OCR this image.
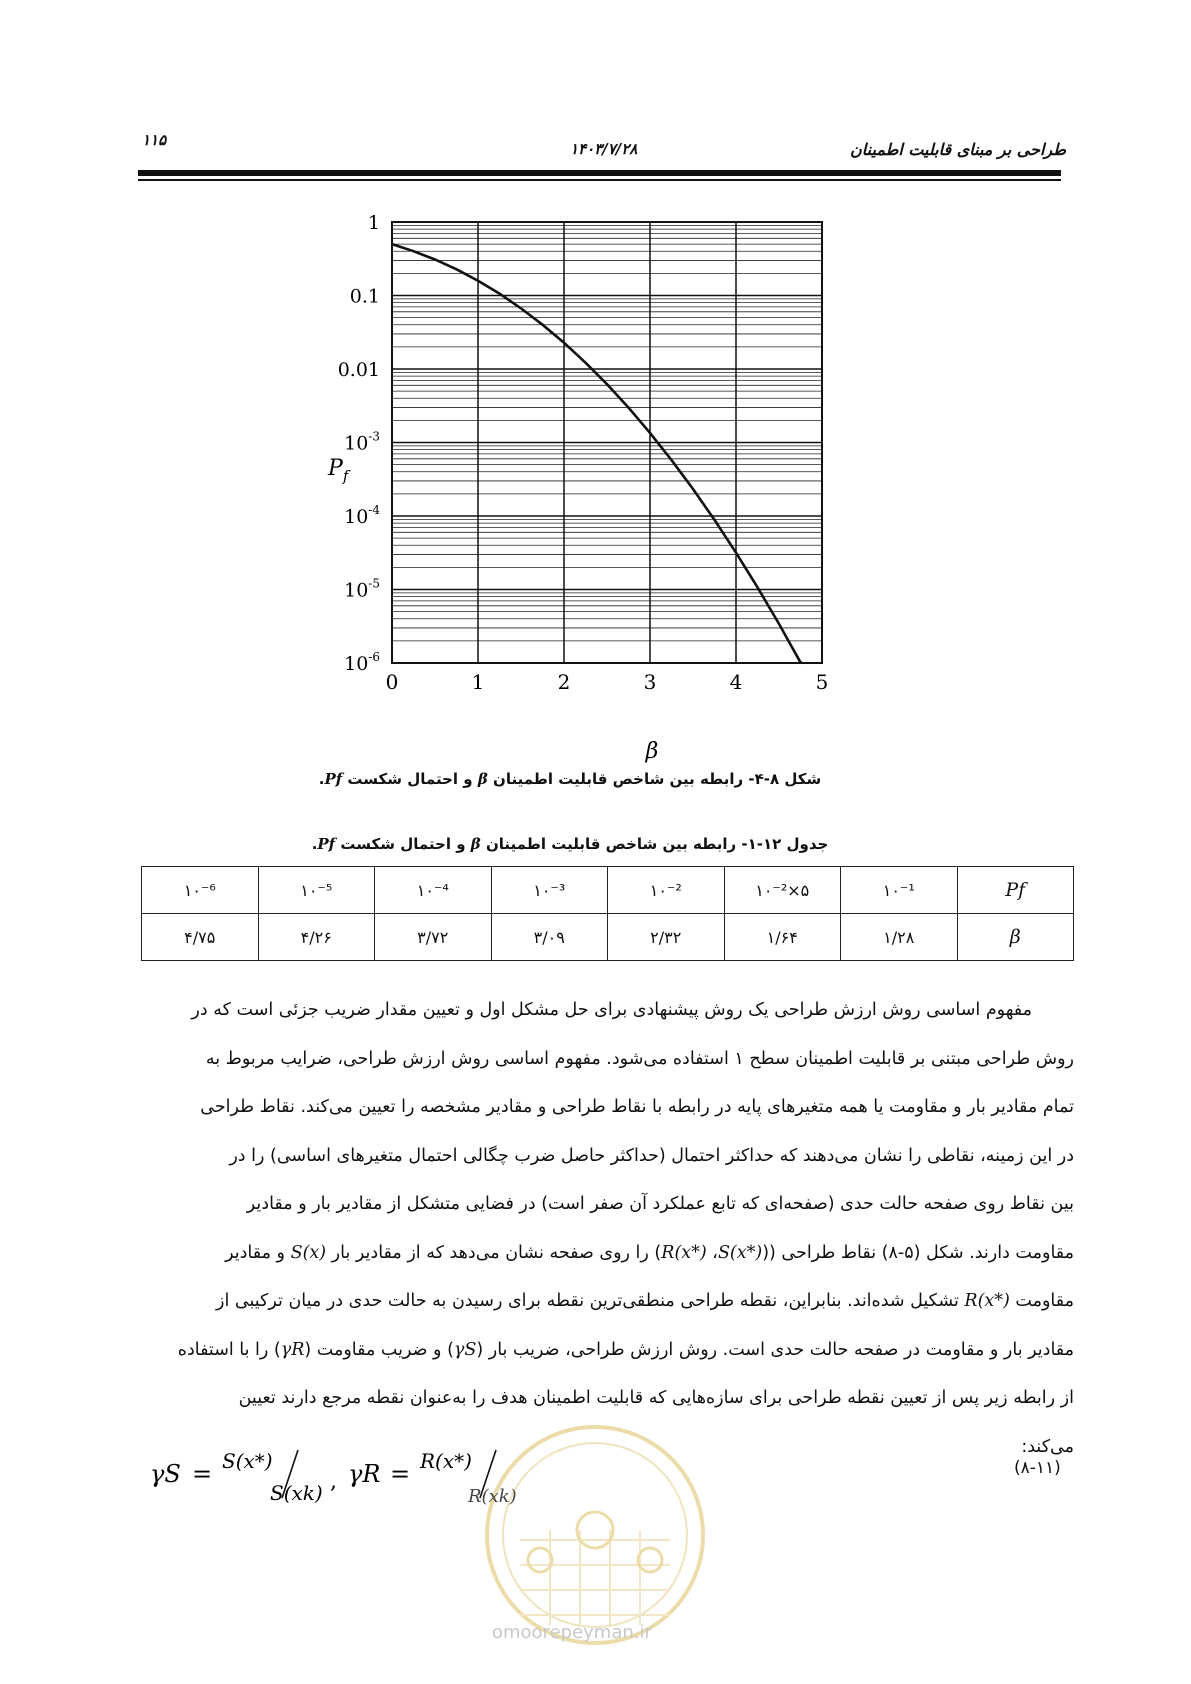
۱۱۵	۱۴۰۳/۷/۲۸	طراحی بر مبنای قابلیت اطمینان
0	1	2	3	4	5
1
0.1
0.01
$10^{-3}$
$10^{-4}$
$10^{-5}$
$10^{-6}$
$P_f$
β
شکل ۸-۴- رابطه بین شاخص قابلیت اطمینان β و احتمال شکست Pf.
جدول ۱۲-۱- رابطه بین شاخص قابلیت اطمینان β و احتمال شکست Pf.
Pf	۱۰⁻¹	۵×۱۰⁻²	۱۰⁻²	۱۰⁻³	۱۰⁻⁴	۱۰⁻⁵	۱۰⁻⁶
β	۱/۲۸	۱/۶۴	۲/۳۲	۳/۰۹	۳/۷۲	۴/۲۶	۴/۷۵
مفهوم اساسی روش ارزش طراحی یک روش پیشنهادی برای حل مشکل اول و تعیین مقدار ضریب جزئی است که در
روش طراحی مبتنی بر قابلیت اطمینان سطح ۱ استفاده می‌شود. مفهوم اساسی روش ارزش طراحی، ضرایب مربوط به
تمام مقادیر بار و مقاومت یا همه متغیرهای پایه در رابطه با نقاط طراحی و مقادیر مشخصه را تعیین می‌کند. نقاط طراحی
در این زمینه، نقاطی را نشان می‌دهند که حداکثر احتمال (حداکثر حاصل ضرب چگالی احتمال متغیرهای اساسی) را در
بین نقاط روی صفحه حالت حدی (صفحه‌ای که تابع عملکرد آن صفر است) در فضایی متشکل از مقادیر بار و مقادیر
مقاومت دارند. شکل (۵-۸) نقاط طراحی ((S(x*)، R(x*)) را روی صفحه نشان می‌دهد که از مقادیر بار S(x) و مقادیر
مقاومت R(x*) تشکیل شده‌اند. بنابراین، نقطه طراحی منطقی‌ترین نقطه برای رسیدن به حالت حدی در میان ترکیبی از
مقادیر بار و مقاومت در صفحه حالت حدی است. روش ارزش طراحی، ضریب بار (γS) و ضریب مقاومت (γR) را با استفاده
از رابطه زیر پس از تعیین نقطه طراحی برای سازه‌هایی که قابلیت اطمینان هدف را به‌عنوان نقطه مرجع دارند تعیین
می‌کند:
omoorepeyman.ir
γS = S(x*)
S(xk) , γR = R(x*)
R(xk)
(۸-۱۱)
